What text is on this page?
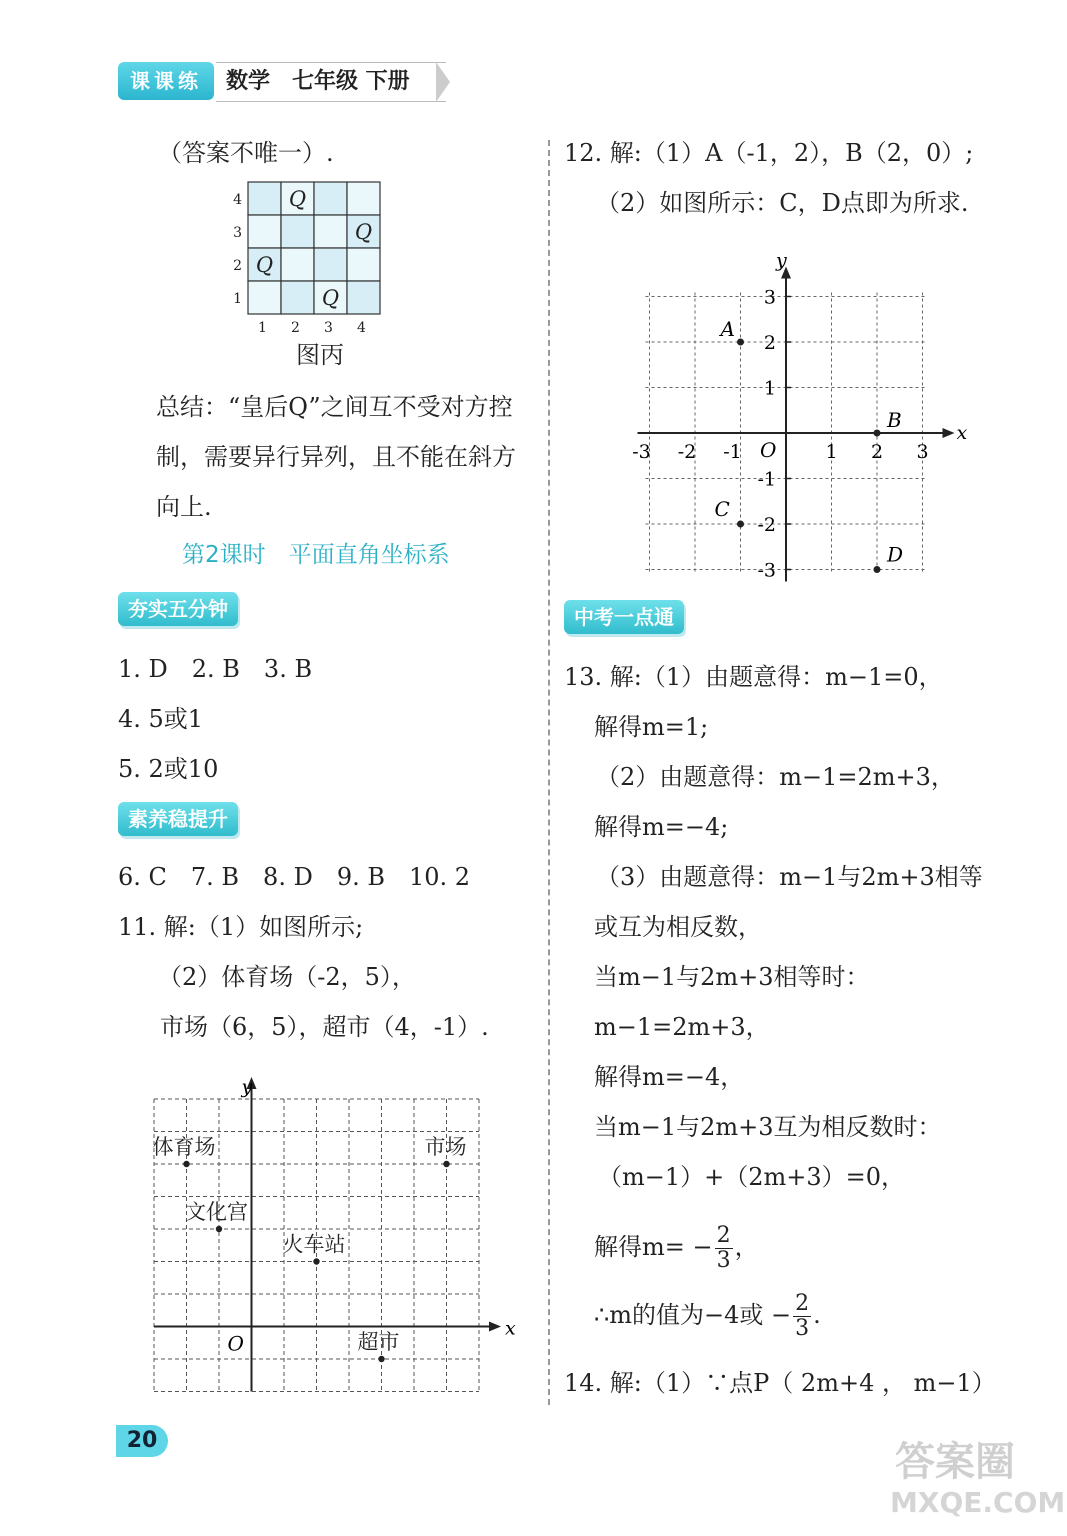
课课练	数学　七年级 下册
（答案不唯一）.
Q
Q
Q
Q
4
3
2
1
1 2 3 4
图丙
总结：“皇后Q”之间互不受对方控
制，需要异行异列，且不能在斜方
向上.
第2课时　平面直角坐标系
夯实五分钟
1. D　2. B　3. B
4. 5或1
5. 2或10
素养稳提升
6. C　7. B　8. D　9. B　10. 2
11. 解:（1）如图所示;
（2）体育场（-2，5），
市场（6，5），超市（4，-1）.
x
y
O
体育场	市场
文化宫
火车站
超市
12. 解:（1）A（-1，2），B（2，0）;
（2）如图所示：C，D点即为所求.
x
y
O
-3 -2 -1	1 2 3
3
2
1
-1
-2
-3
A
B
C
D
中考一点通
13. 解:（1）由题意得：m−1=0，
解得m=1;
（2）由题意得：m−1=2m+3，
解得m=−4;
（3）由题意得：m−1与2m+3相等
或互为相反数，
当m−1与2m+3相等时：
m−1=2m+3，
解得m=−4，
当m−1与2m+3互为相反数时：
（m−1）+（2m+3）=0，
解得$m= - \frac{2}{3}$ ，
∴m的值为−4或 − $\frac{2}{3}$ .
14. 解:（1）∵点P（ 2m+4 ， m−1）
20	答案圈
MXQE.COM
